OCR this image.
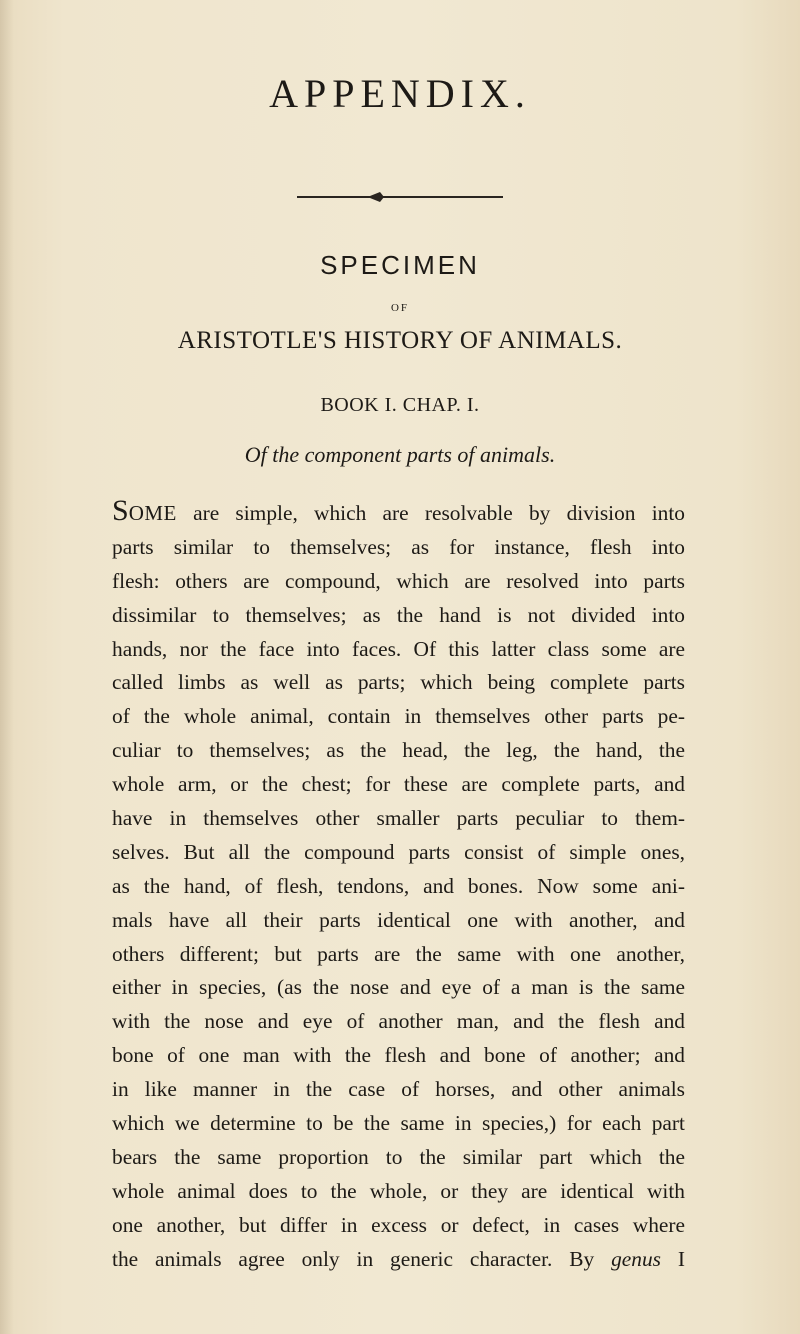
APPENDIX.
SPECIMEN
OF
ARISTOTLE'S HISTORY OF ANIMALS.
BOOK I. CHAP. I.
Of the component parts of animals.
SOME are simple, which are resolvable by division into
parts similar to themselves; as for instance, flesh into
flesh: others are compound, which are resolved into parts
dissimilar to themselves; as the hand is not divided into
hands, nor the face into faces. Of this latter class some are
called limbs as well as parts; which being complete parts
of the whole animal, contain in themselves other parts pe-
culiar to themselves; as the head, the leg, the hand, the
whole arm, or the chest; for these are complete parts, and
have in themselves other smaller parts peculiar to them-
selves. But all the compound parts consist of simple ones,
as the hand, of flesh, tendons, and bones. Now some ani-
mals have all their parts identical one with another, and
others different; but parts are the same with one another,
either in species, (as the nose and eye of a man is the same
with the nose and eye of another man, and the flesh and
bone of one man with the flesh and bone of another; and
in like manner in the case of horses, and other animals
which we determine to be the same in species,) for each part
bears the same proportion to the similar part which the
whole animal does to the whole, or they are identical with
one another, but differ in excess or defect, in cases where
the animals agree only in generic character. By genus I
